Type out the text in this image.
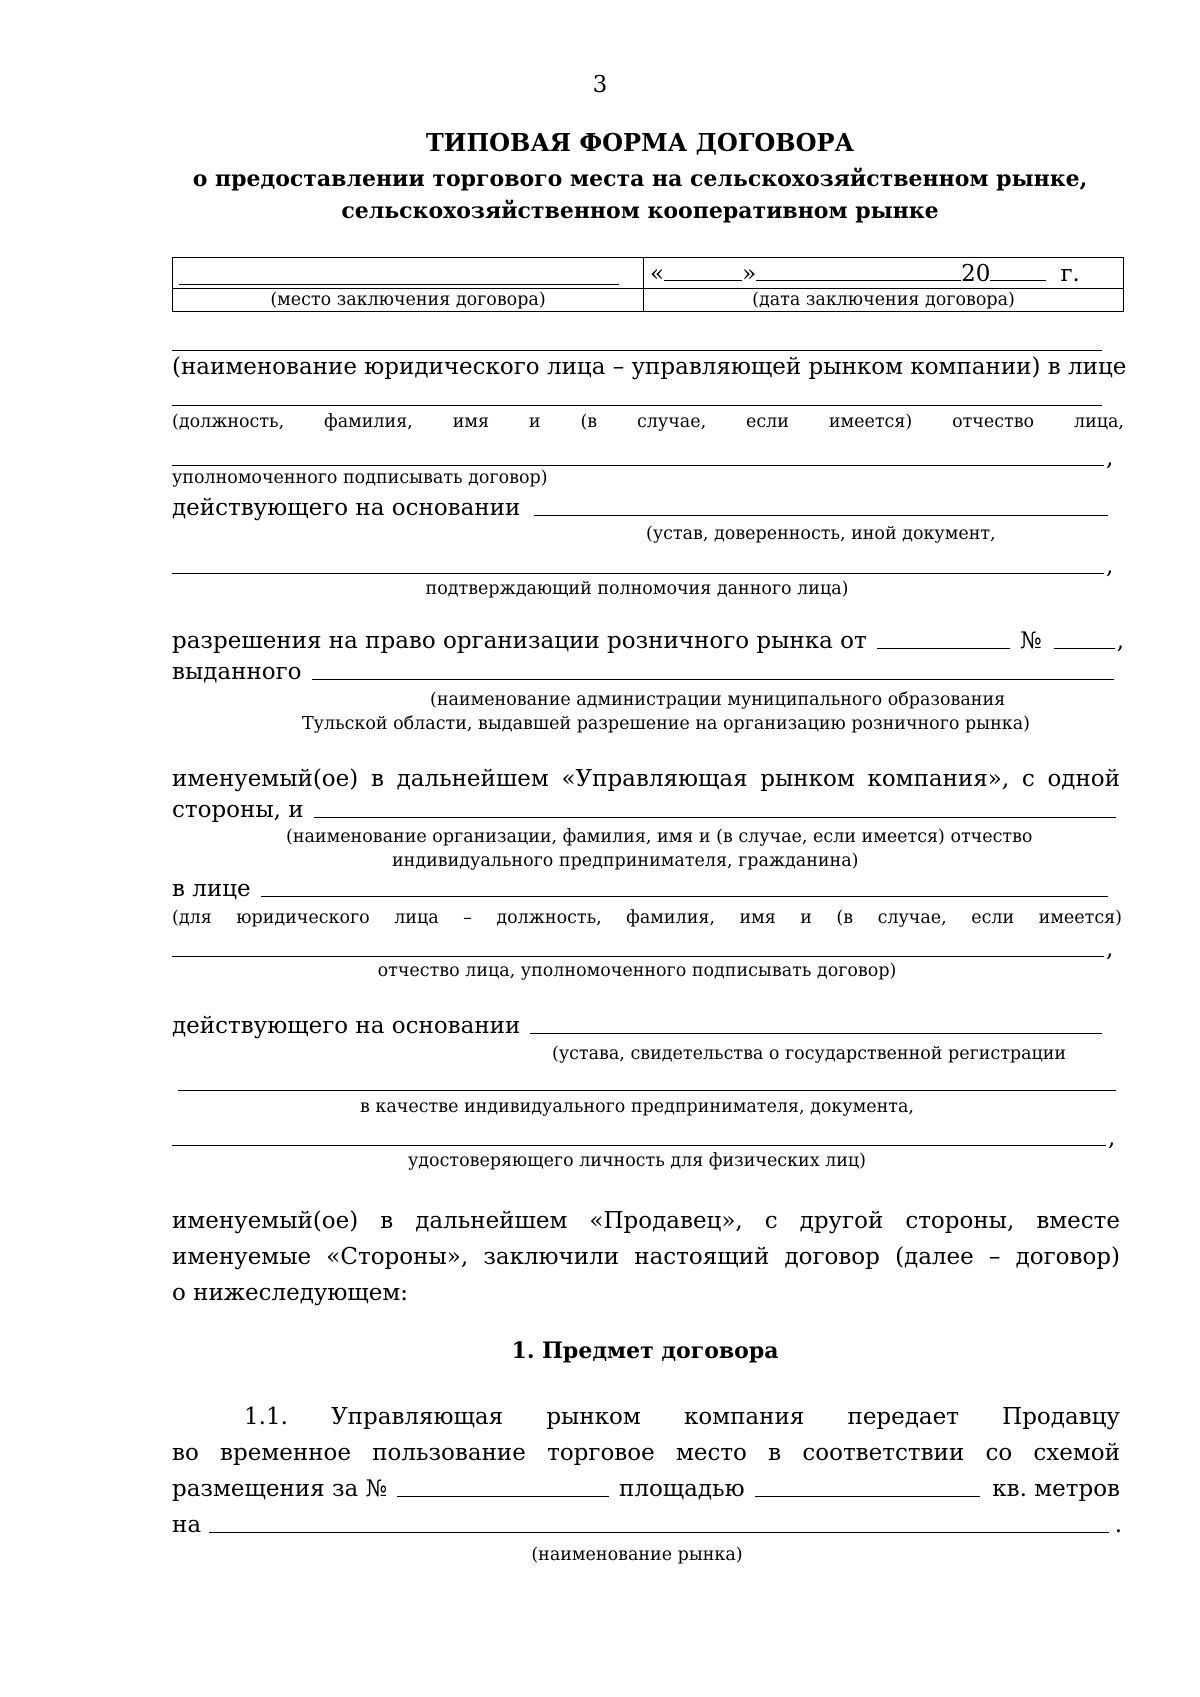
3
ТИПОВАЯ ФОРМА ДОГОВОРА
о предоставлении торгового места на сельскохозяйственном рынке,
сельскохозяйственном кооперативном рынке

	« » 20 г.

(место заключения договора)	(дата заключения договора)
(наименование юридического лица – управляющей рынком компании) в лице
(должность, фамилия, имя и (в случае, если имеется) отчество лица,
,
уполномоченного подписывать договор)
действующего на основании
(устав, доверенность, иной документ,
,
подтверждающий полномочия данного лица)
разрешения на право организации розничного рынка от	№	,
выданного
(наименование администрации муниципального образования
Тульской области, выдавшей разрешение на организацию розничного рынка)
именуемый(ое) в дальнейшем «Управляющая рынком компания», с одной
стороны, и
(наименование организации, фамилия, имя и (в случае, если имеется) отчество
индивидуального предпринимателя, гражданина)
в лице
(для юридического лица – должность, фамилия, имя и (в случае, если имеется)
,
отчество лица, уполномоченного подписывать договор)
действующего на основании
(устава, свидетельства о государственной регистрации
в качестве индивидуального предпринимателя, документа,
,
удостоверяющего личность для физических лиц)
именуемый(ое) в дальнейшем «Продавец», с другой стороны, вместе
именуемые «Стороны», заключили настоящий договор (далее – договор)
о нижеследующем:
1. Предмет договора
1.1. Управляющая рынком компания передает Продавцу
во временное пользование торговое место в соответствии со схемой
размещения за №	площадью	кв. метров
на	.
(наименование рынка)
